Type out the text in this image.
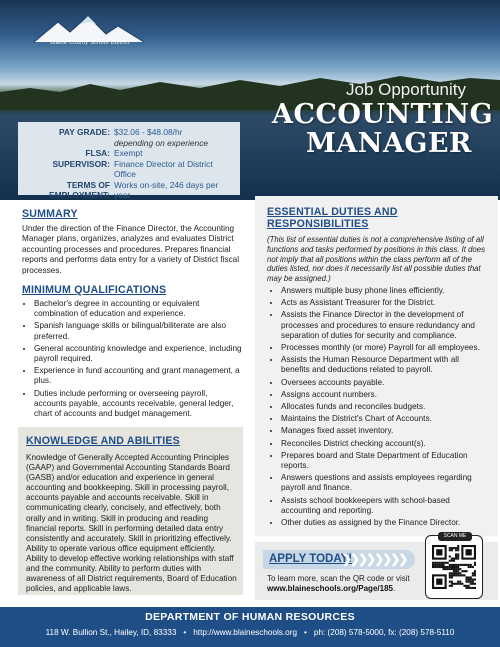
Blaine County School District
Job Opportunity
ACCOUNTING
MANAGER
PAY GRADE: $32.06 - $48.08/hr
depending on experience
FLSA: Exempt
SUPERVISOR: Finance Director at District Office
TERMS OF
EMPLOYMENT:
Works on-site, 246 days per year
SUMMARY

Under the direction of the Finance Director, the Accounting Manager plans, organizes, analyzes and evaluates District accounting processes and procedures. Prepares financial reports and performs data entry for a variety of District fiscal processes.

MINIMUM QUALIFICATIONS
• Bachelor's degree in accounting or equivalent combination of education and experience.
• Spanish language skills or bilingual/biliterate are also preferred.
• General accounting knowledge and experience, including payroll required.
• Experience in fund accounting and grant management, a plus.
• Duties include performing or overseeing payroll, accounts payable, accounts receivable, general ledger, chart of accounts and budget management.
KNOWLEDGE AND ABILITIES

Knowledge of Generally Accepted Accounting Principles (GAAP) and Governmental Accounting Standards Board (GASB) and/or education and experience in general accounting and bookkeeping. Skill in processing payroll, accounts payable and accounts receivable. Skill in communicating clearly, concisely, and effectively, both orally and in writing. Skill in producing and reading financial reports. Skill in performing detailed data entry consistently and accurately. Skill in prioritizing effectively. Ability to operate various office equipment efficiently. Ability to develop effective working relationships with staff and the community. Ability to perform duties with awareness of all District requirements, Board of Education policies, and applicable laws.

ESSENTIAL DUTIES AND RESPONSIBILITIES

(This list of essential duties is not a comprehensive listing of all functions and tasks performed by positions in this class. It does not imply that all positions within the class perform all of the duties listed, nor does it necessarily list all possible duties that may be assigned.)

• Answers multiple busy phone lines efficiently.
• Acts as Assistant Treasurer for the District.
• Assists the Finance Director in the development of processes and procedures to ensure redundancy and separation of duties for security and compliance.
• Processes monthly (or more) Payroll for all employees.
• Assists the Human Resource Department with all benefits and deductions related to payroll.
• Oversees accounts payable.
• Assigns account numbers.
• Allocates funds and reconciles budgets.
• Maintains the District's Chart of Accounts.
• Manages fixed asset inventory.
• Reconciles District checking account(s).
• Prepares board and State Department of Education reports.
• Answers questions and assists employees regarding payroll and finance.
• Assists school bookkeepers with school-based accounting and reporting.
• Other duties as assigned by the Finance Director.
APPLY TODAY!
❯❯❯❯❯❯❯❯
To learn more, scan the QR code or visit www.blaineschools.org/Page/185.
SCAN ME
DEPARTMENT OF HUMAN RESOURCES
118 W. Bullion St., Hailey, ID, 83333 • http://www.blaineschools.org • ph: (208) 578-5000, fx: (208) 578-5110
